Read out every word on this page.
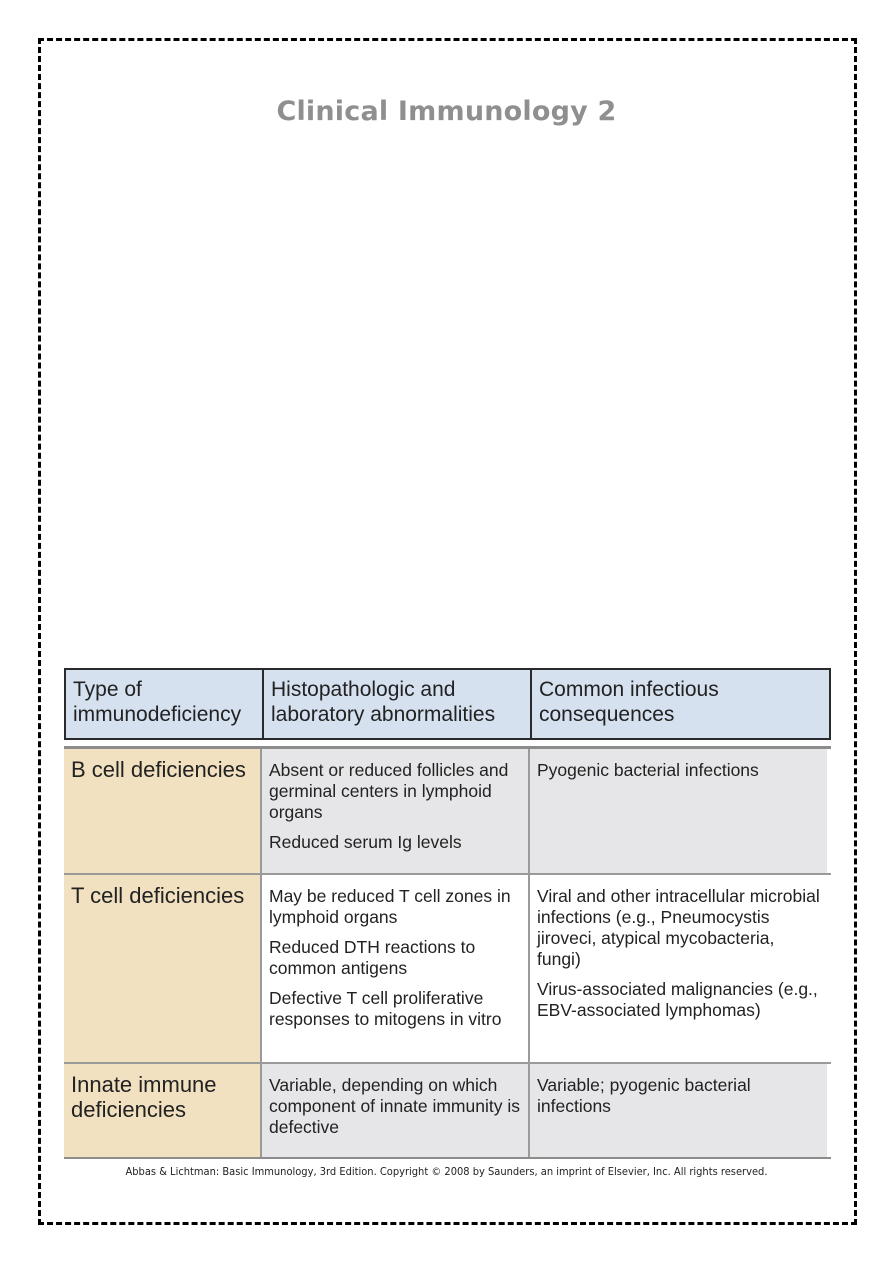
Clinical Immunology 2
Type of immunodeficiency
Histopathologic and laboratory abnormalities
Common infectious consequences
B cell deficiencies	Absent or reduced follicles and germinal centers in lymphoid organs

Reduced serum Ig levels

Pyogenic bacterial infections

T cell deficiencies	May be reduced T cell zones in lymphoid organs

Reduced DTH reactions to common antigens

Defective T cell proliferative responses to mitogens in vitro

Viral and other intracellular microbial infections (e.g., Pneumocystis jiroveci, atypical mycobacteria, fungi)

Virus-associated malignancies (e.g., EBV-associated lymphomas)

Innate immune deficiencies

Variable, depending on which component of innate immunity is defective

Variable; pyogenic bacterial infections

Abbas & Lichtman: Basic Immunology, 3rd Edition. Copyright © 2008 by Saunders, an imprint of Elsevier, Inc. All rights reserved.
